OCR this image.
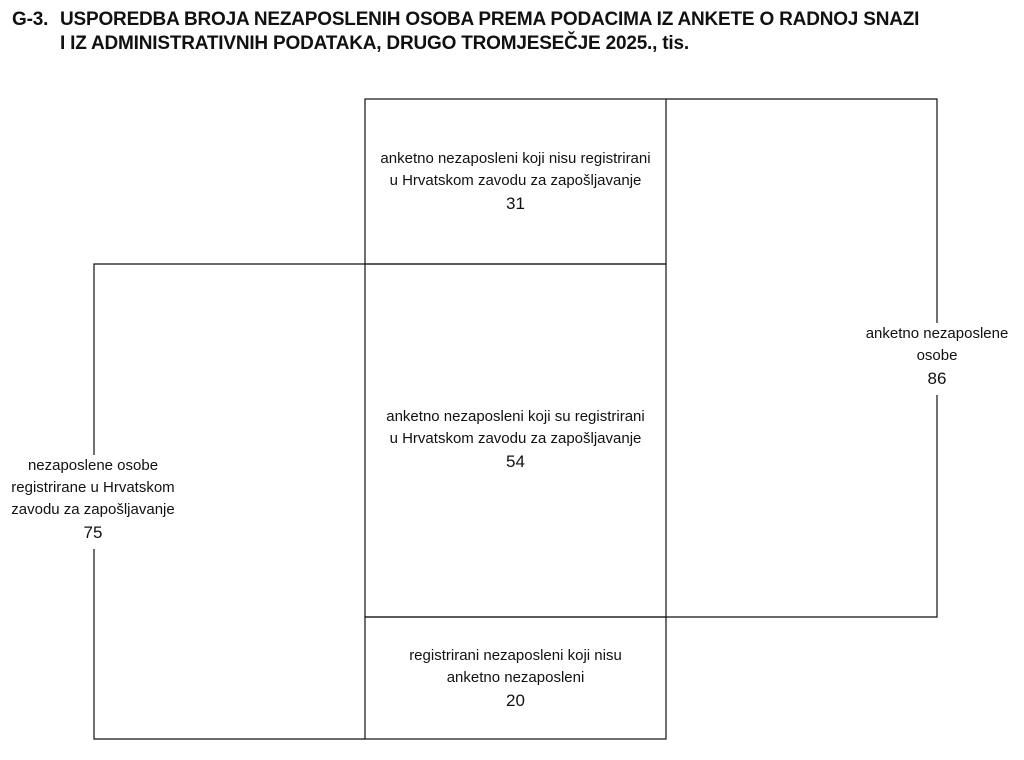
G-3. USPOREDBA BROJA NEZAPOSLENIH OSOBA PREMA PODACIMA IZ ANKETE O RADNOJ SNAZI
I IZ ADMINISTRATIVNIH PODATAKA, DRUGO TROMJESEČJE 2025., tis.
anketno nezaposleni koji nisu registrirani
u Hrvatskom zavodu za zapošljavanje
31
anketno nezaposleni koji su registrirani
u Hrvatskom zavodu za zapošljavanje
54
registrirani nezaposleni koji nisu
anketno nezaposleni
20
anketno nezaposlene
osobe
86
nezaposlene osobe
registrirane u Hrvatskom
zavodu za zapošljavanje
75
